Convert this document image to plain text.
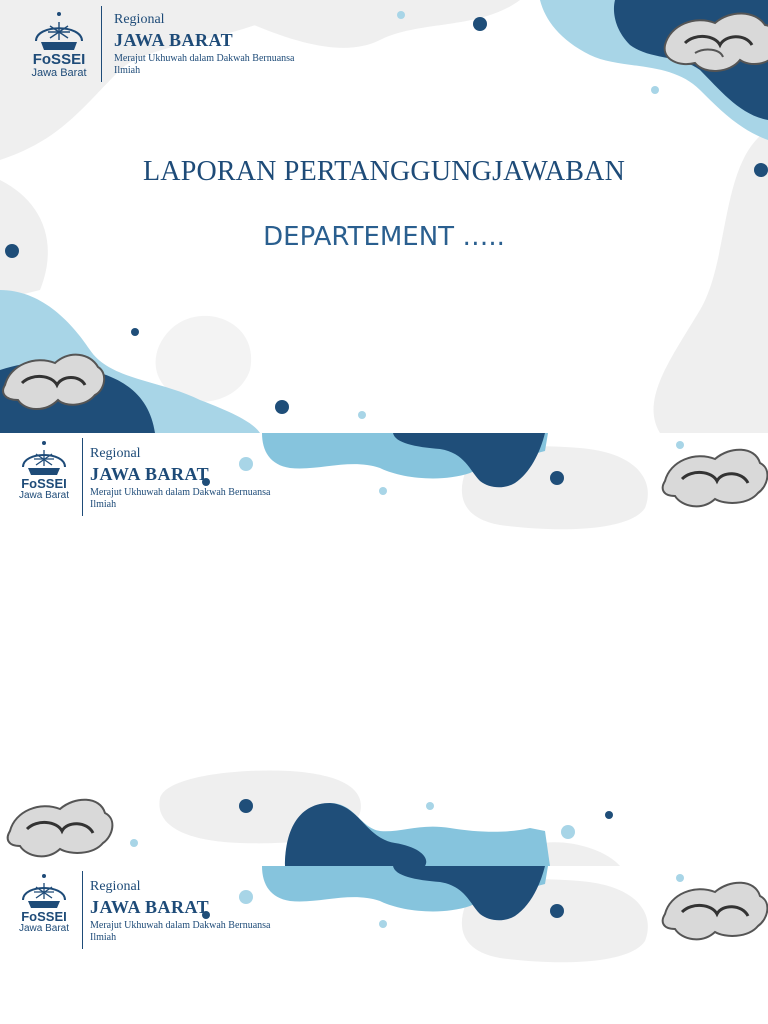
FoSSEI
Jawa Barat
Regional
JAWA BARAT
Merajut Ukhuwah dalam Dakwah Bernuansa Ilmiah
LAPORAN PERTANGGUNGJAWABAN
DEPARTEMENT …..
FoSSEI
Jawa Barat
Regional
JAWA BARAT
Merajut Ukhuwah dalam Dakwah Bernuansa Ilmiah
FoSSEI
Jawa Barat
Regional
JAWA BARAT
Merajut Ukhuwah dalam Dakwah Bernuansa Ilmiah
